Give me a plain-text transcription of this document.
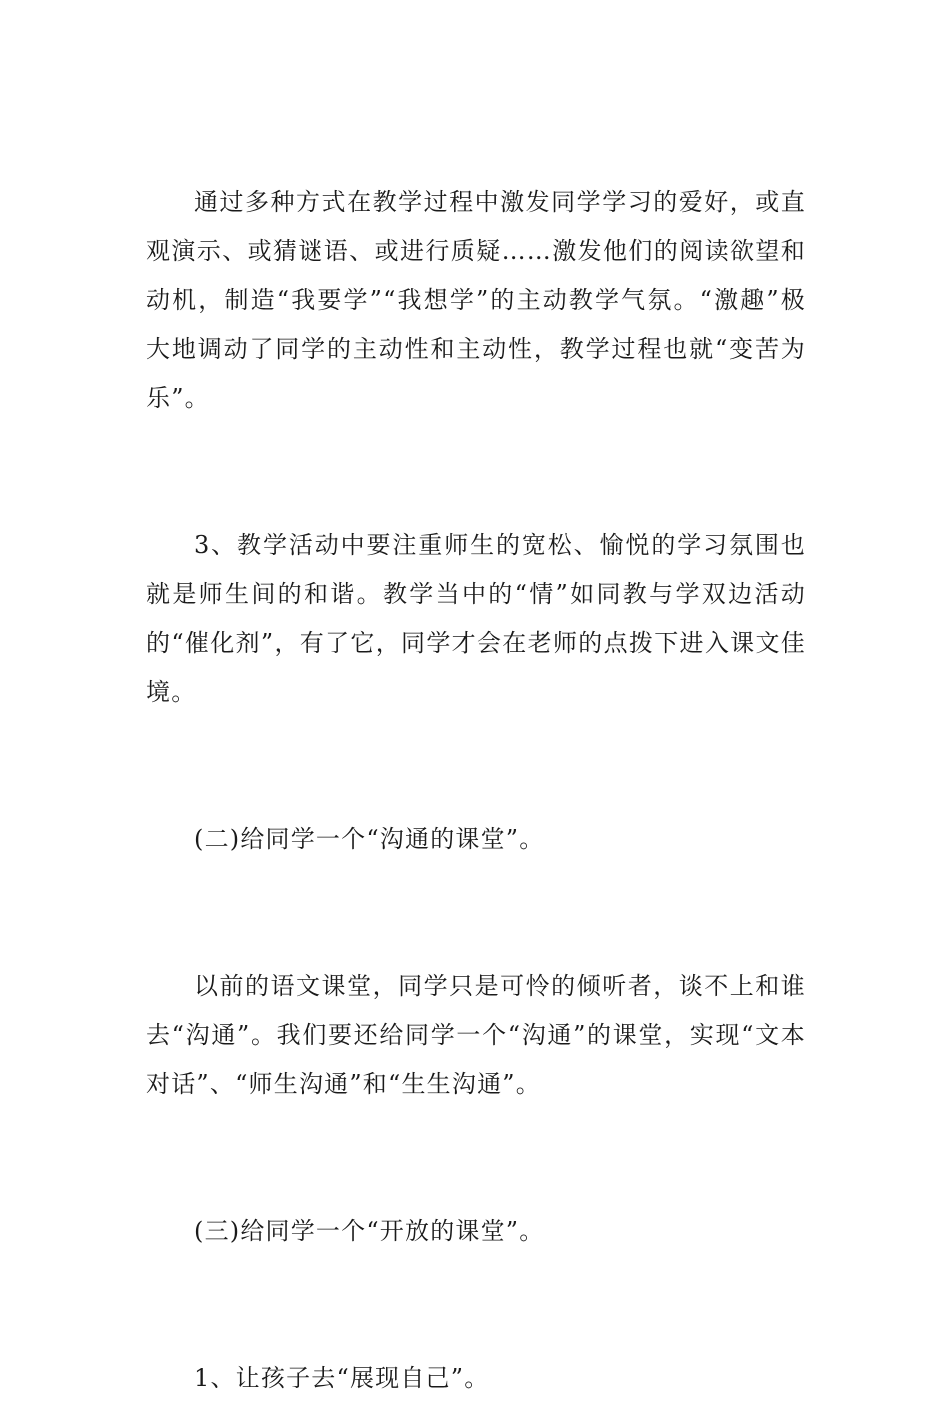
通过多种方式在教学过程中激发同学学习的爱好，或直观演示、或猜谜语、或进行质疑……激发他们的阅读欲望和动机，制造“我要学”“我想学”的主动教学气氛。“激趣”极大地调动了同学的主动性和主动性，教学过程也就“变苦为乐”。

3、教学活动中要注重师生的宽松、愉悦的学习氛围也就是师生间的和谐。教学当中的“情”如同教与学双边活动的“催化剂”，有了它，同学才会在老师的点拨下进入课文佳境。

(二)给同学一个“沟通的课堂”。

以前的语文课堂，同学只是可怜的倾听者，谈不上和谁去“沟通”。我们要还给同学一个“沟通”的课堂，实现“文本对话”、“师生沟通”和“生生沟通”。

(三)给同学一个“开放的课堂”。

1、让孩子去“展现自己”。
